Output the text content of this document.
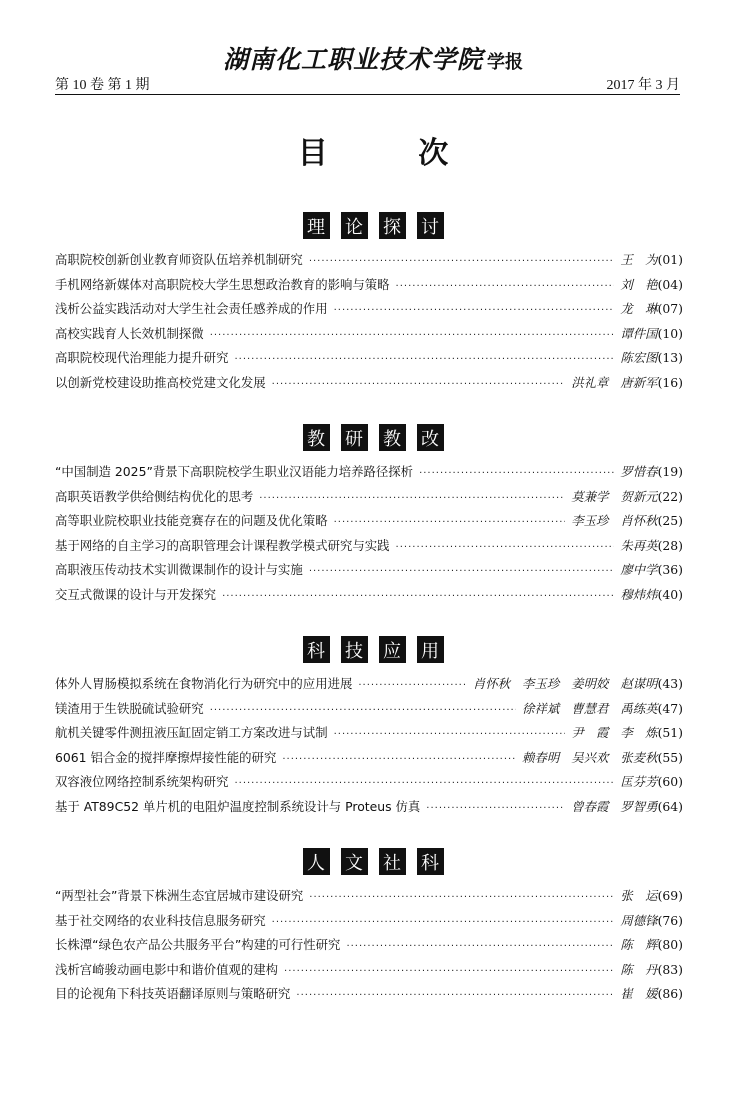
湖南化工职业技术学院 学报
第 10 卷 第 1 期	2017 年 3 月
目 次
理 论 探 讨
高职院校创新创业教育师资队伍培养机制研究 ·····	王　为 (01)
手机网络新媒体对高职院校大学生思想政治教育的影响与策略 ·····	刘　艳 (04)
浅析公益实践活动对大学生社会责任感养成的作用 ·····	龙　琳 (07)
高校实践育人长效机制探微 ·····	谭件国 (10)
高职院校现代治理能力提升研究 ·····	陈宏图 (13)
以创新党校建设助推高校党建文化发展 ·····	洪礼章 唐新军 (16)
教 研 教 改
“中国制造 2025”背景下高职院校学生职业汉语能力培养路径探析 ·····	罗惜春 (19)
高职英语教学供给侧结构优化的思考 ·····	莫兼学 贺新元 (22)
高等职业院校职业技能竞赛存在的问题及优化策略 ·····	李玉珍 肖怀秋 (25)
基于网络的自主学习的高职管理会计课程教学模式研究与实践 ·····	朱再英 (28)
高职液压传动技术实训微课制作的设计与实施 ·····	廖中学 (36)
交互式微课的设计与开发探究 ·····	穆炜炜 (40)
科 技 应 用
体外人胃肠模拟系统在食物消化行为研究中的应用进展 ·····	肖怀秋 李玉珍 姜明姣 赵谋明 (43)
镁渣用于生铁脱硫试验研究 ·····	徐祥斌 曹慧君 禹练英 (47)
航机关键零件测扭液压缸固定销工方案改进与试制 ·····	尹　霞 李　炼 (51)
6061 铝合金的搅拌摩擦焊接性能的研究 ·····	赖春明 吴兴欢 张麦秋 (55)
双容液位网络控制系统架构研究 ·····	匡芬芳 (60)
基于 AT89C52 单片机的电阻炉温度控制系统设计与 Proteus 仿真 ·····	曾春霞 罗智勇 (64)
人 文 社 科
“两型社会”背景下株洲生态宜居城市建设研究 ·····	张　运 (69)
基于社交网络的农业科技信息服务研究 ·····	周德锋 (76)
长株潭“绿色农产品公共服务平台”构建的可行性研究 ·····	陈　辉 (80)
浅析宫崎骏动画电影中和谐价值观的建构 ·····	陈　丹 (83)
目的论视角下科技英语翻译原则与策略研究 ·····	崔　媛 (86)
